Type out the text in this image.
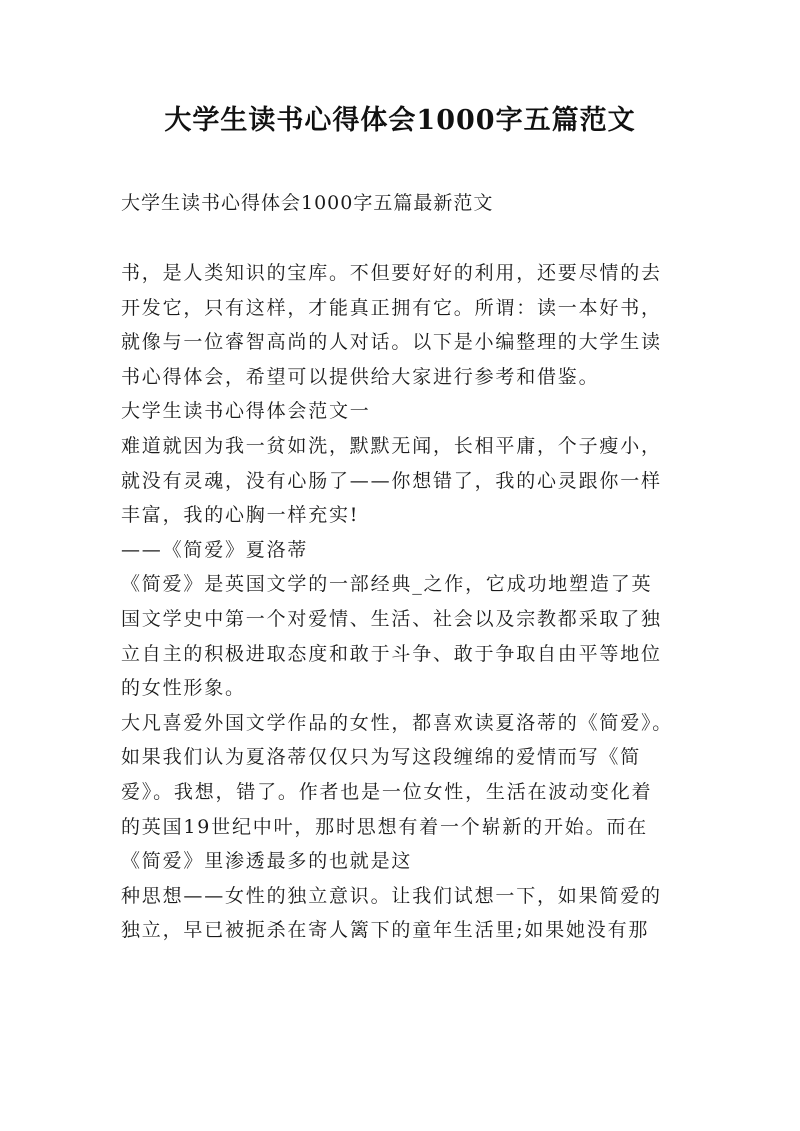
大学生读书心得体会1000字五篇范文

大学生读书心得体会1000字五篇最新范文

书，是人类知识的宝库。不但要好好的利用，还要尽情的去
开发它，只有这样，才能真正拥有它。所谓：读一本好书，
就像与一位睿智高尚的人对话。以下是小编整理的大学生读
书心得体会，希望可以提供给大家进行参考和借鉴。
大学生读书心得体会范文一
难道就因为我一贫如洗，默默无闻，长相平庸，个子瘦小，
就没有灵魂，没有心肠了——你想错了，我的心灵跟你一样
丰富，我的心胸一样充实!
——《简爱》夏洛蒂
《简爱》是英国文学的一部经典_之作，它成功地塑造了英
国文学史中第一个对爱情、生活、社会以及宗教都采取了独
立自主的积极进取态度和敢于斗争、敢于争取自由平等地位
的女性形象。
大凡喜爱外国文学作品的女性，都喜欢读夏洛蒂的《简爱》。
如果我们认为夏洛蒂仅仅只为写这段缠绵的爱情而写《简
爱》。我想，错了。作者也是一位女性，生活在波动变化着
的英国19世纪中叶，那时思想有着一个崭新的开始。而在
《简爱》里渗透最多的也就是这
种思想——女性的独立意识。让我们试想一下，如果简爱的
独立，早已被扼杀在寄人篱下的童年生活里;如果她没有那
